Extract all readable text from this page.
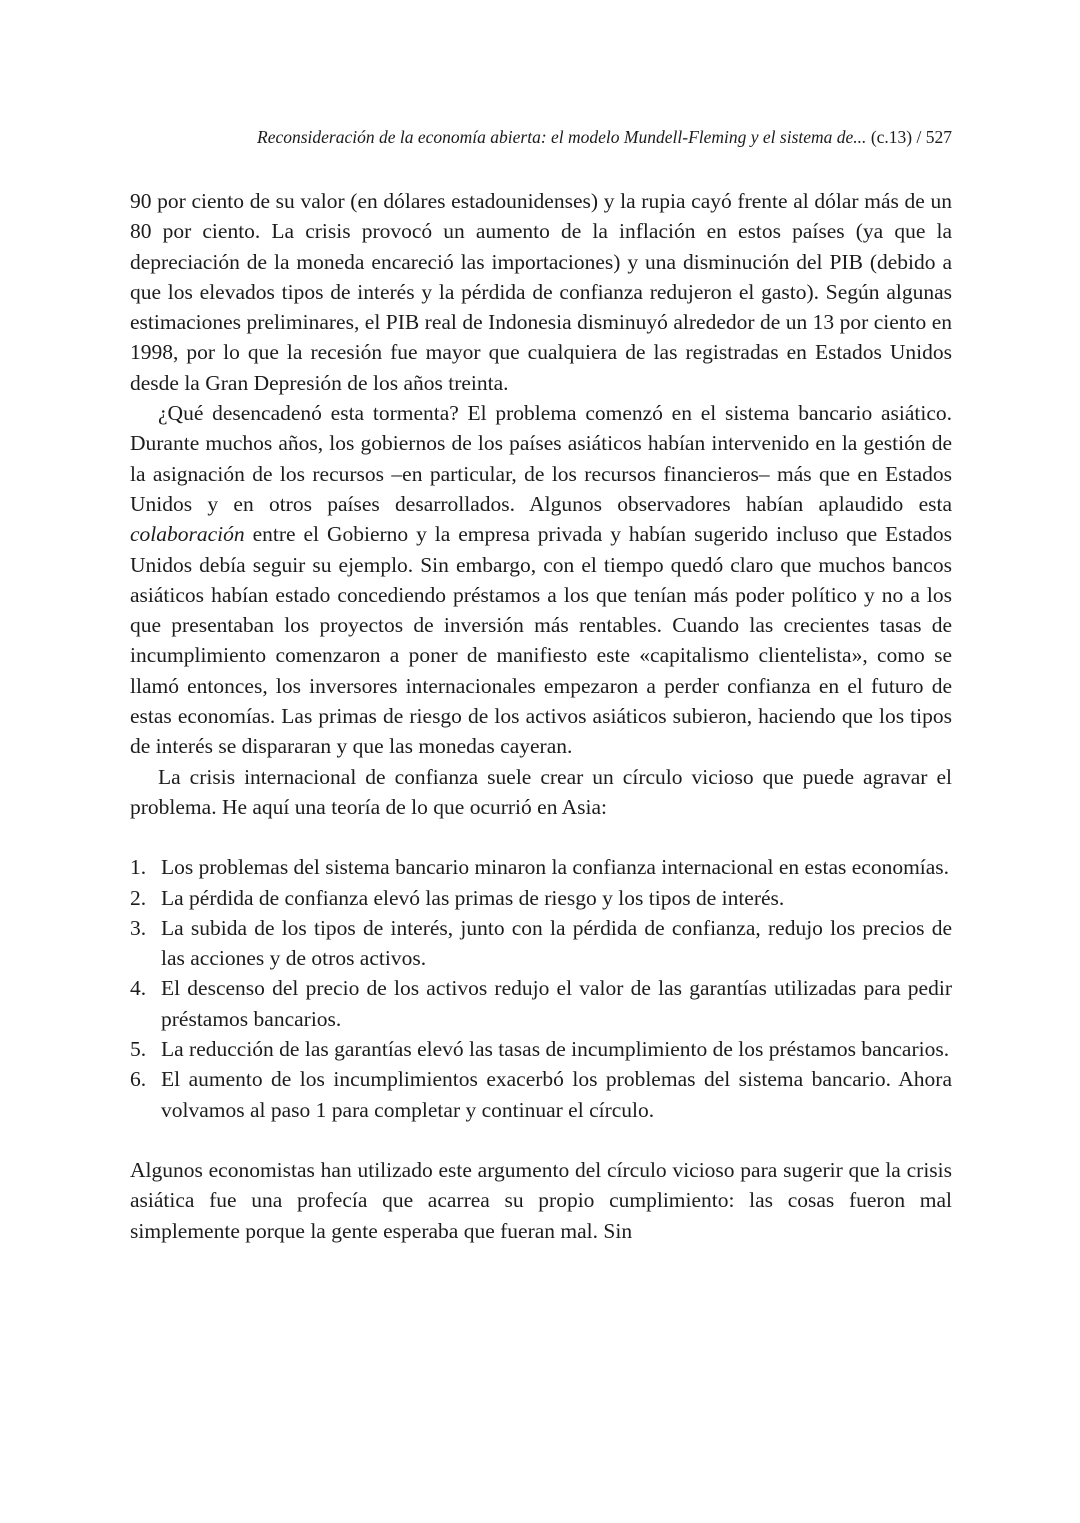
Reconsideración de la economía abierta: el modelo Mundell-Fleming y el sistema de... (c.13) / 527

90 por ciento de su valor (en dólares estadounidenses) y la rupia cayó frente al dólar más de un 80 por ciento. La crisis provocó un aumento de la inflación en estos países (ya que la depreciación de la moneda encareció las importaciones) y una disminución del PIB (debido a que los elevados tipos de interés y la pérdida de confianza redujeron el gasto). Según algunas estimaciones preliminares, el PIB real de Indonesia disminuyó alrededor de un 13 por ciento en 1998, por lo que la recesión fue mayor que cualquiera de las registradas en Estados Unidos desde la Gran Depresión de los años treinta.

¿Qué desencadenó esta tormenta? El problema comenzó en el sistema bancario asiático. Durante muchos años, los gobiernos de los países asiáticos habían intervenido en la gestión de la asignación de los recursos –en particular, de los recursos financieros– más que en Estados Unidos y en otros países desarrollados. Algunos observadores habían aplaudido esta colaboración entre el Gobierno y la empresa privada y habían sugerido incluso que Estados Unidos debía seguir su ejemplo. Sin embargo, con el tiempo quedó claro que muchos bancos asiáticos habían estado concediendo préstamos a los que tenían más poder político y no a los que presentaban los proyectos de inversión más rentables. Cuando las crecientes tasas de incumplimiento comenzaron a poner de manifiesto este «capitalismo clientelista», como se llamó entonces, los inversores internacionales empezaron a perder confianza en el futuro de estas economías. Las primas de riesgo de los activos asiáticos subieron, haciendo que los tipos de interés se dispararan y que las monedas cayeran.

La crisis internacional de confianza suele crear un círculo vicioso que puede agravar el problema. He aquí una teoría de lo que ocurrió en Asia:

1. Los problemas del sistema bancario minaron la confianza internacional en estas economías.
2. La pérdida de confianza elevó las primas de riesgo y los tipos de interés.
3. La subida de los tipos de interés, junto con la pérdida de confianza, redujo los precios de las acciones y de otros activos.
4. El descenso del precio de los activos redujo el valor de las garantías utilizadas para pedir préstamos bancarios.
5. La reducción de las garantías elevó las tasas de incumplimiento de los préstamos bancarios.
6. El aumento de los incumplimientos exacerbó los problemas del sistema bancario. Ahora volvamos al paso 1 para completar y continuar el círculo.

Algunos economistas han utilizado este argumento del círculo vicioso para sugerir que la crisis asiática fue una profecía que acarrea su propio cumplimiento: las cosas fueron mal simplemente porque la gente esperaba que fueran mal. Sin
